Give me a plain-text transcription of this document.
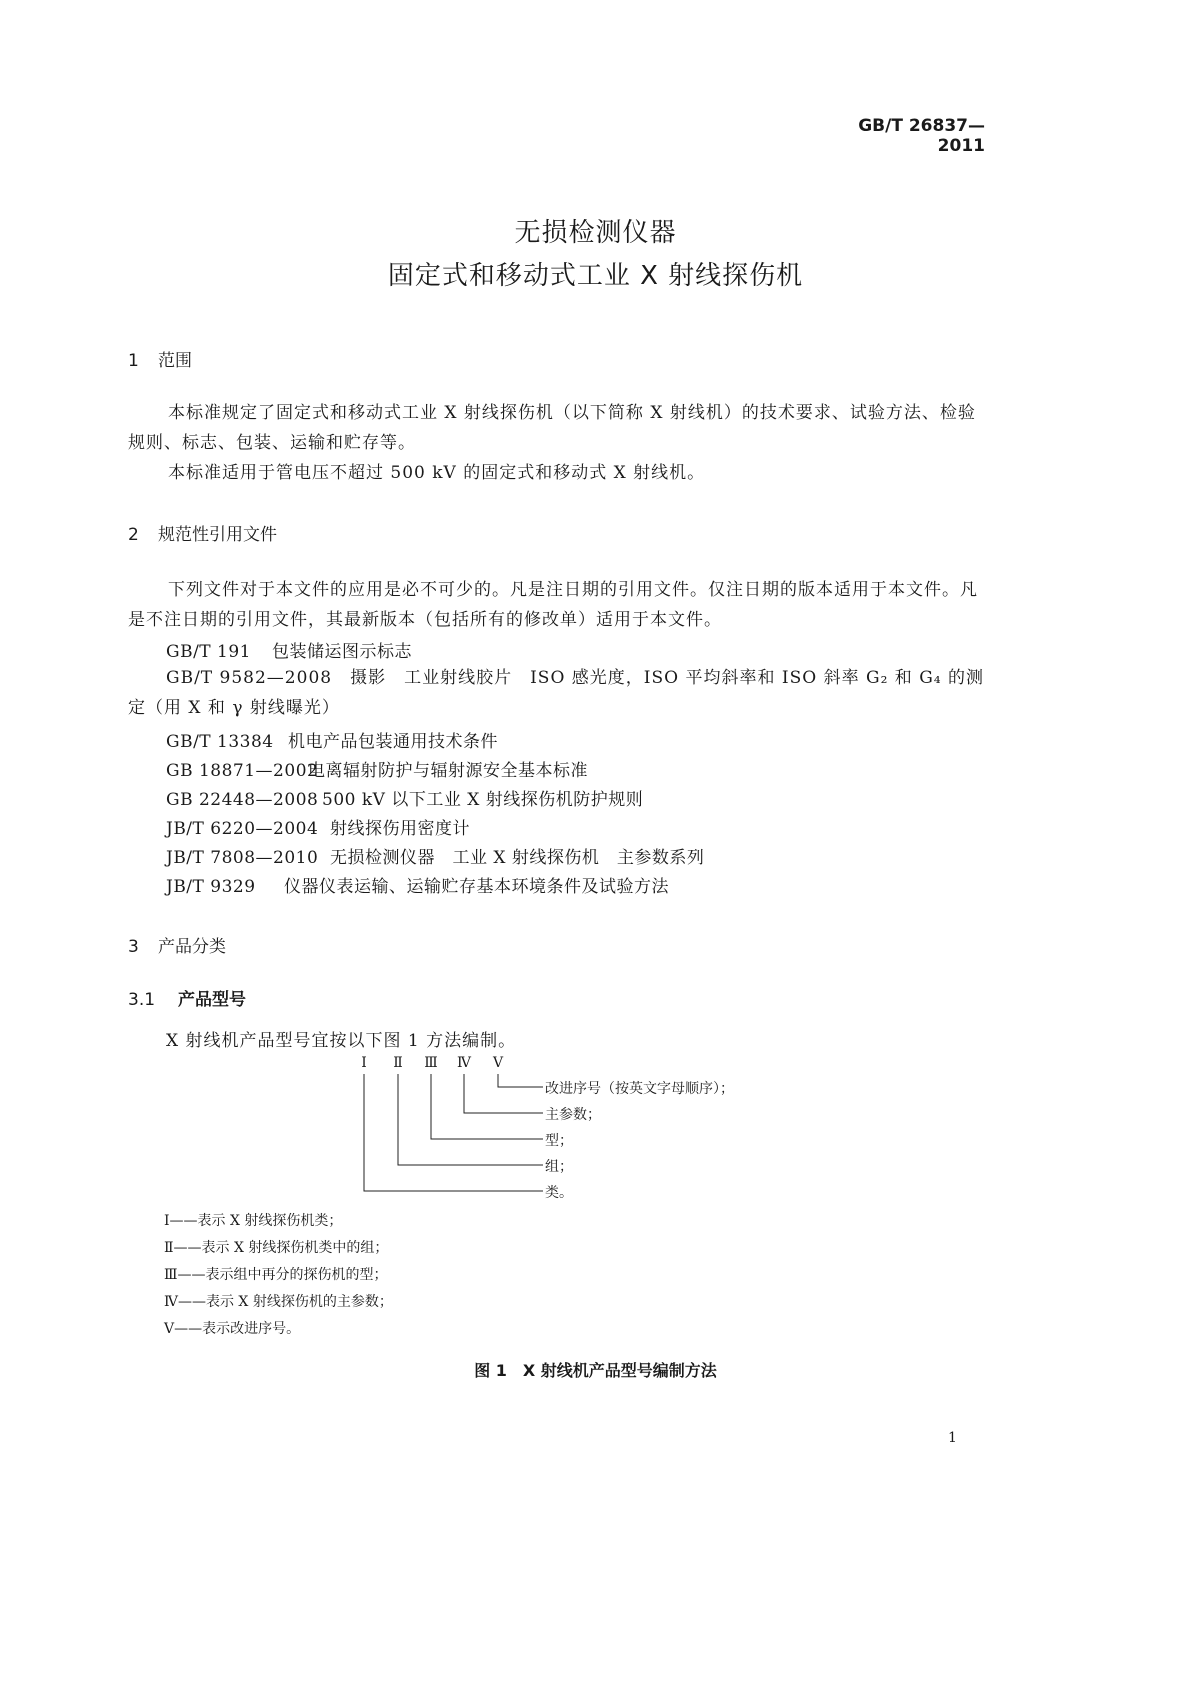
GB/T 26837—2011
无损检测仪器
固定式和移动式工业 X 射线探伤机
1 范围
本标准规定了固定式和移动式工业 X 射线探伤机（以下简称 X 射线机）的技术要求、试验方法、检验规则、标志、包装、运输和贮存等。
本标准适用于管电压不超过 500 kV 的固定式和移动式 X 射线机。
2 规范性引用文件
下列文件对于本文件的应用是必不可少的。凡是注日期的引用文件。仅注日期的版本适用于本文件。凡是不注日期的引用文件，其最新版本（包括所有的修改单）适用于本文件。
GB/T 191 包装储运图示标志
GB/T 9582—2008　 摄影　工业射线胶片　ISO 感光度，ISO 平均斜率和 ISO 斜率 G₂ 和 G₄ 的测定（用 X 和 γ 射线曝光）
GB/T 13384 机电产品包装通用技术条件
GB 18871—2002电离辐射防护与辐射源安全基本标准
GB 22448—2008 500 kV 以下工业 X 射线探伤机防护规则
JB/T 6220—2004 射线探伤用密度计
JB/T 7808—2010 无损检测仪器　工业 X 射线探伤机　主参数系列
JB/T 9329 仪器仪表运输、运输贮存基本环境条件及试验方法
3 产品分类
3.1 产品型号
X 射线机产品型号宜按以下图 1 方法编制。
Ⅰ	Ⅱ Ⅲ Ⅳ Ⅴ
改进序号（按英文字母顺序）；
主参数；
型；
组；
类。
Ⅰ——表示 X 射线探伤机类；
Ⅱ——表示 X 射线探伤机类中的组；
Ⅲ——表示组中再分的探伤机的型；
Ⅳ——表示 X 射线探伤机的主参数；
Ⅴ——表示改进序号。
图 1　X 射线机产品型号编制方法
1
